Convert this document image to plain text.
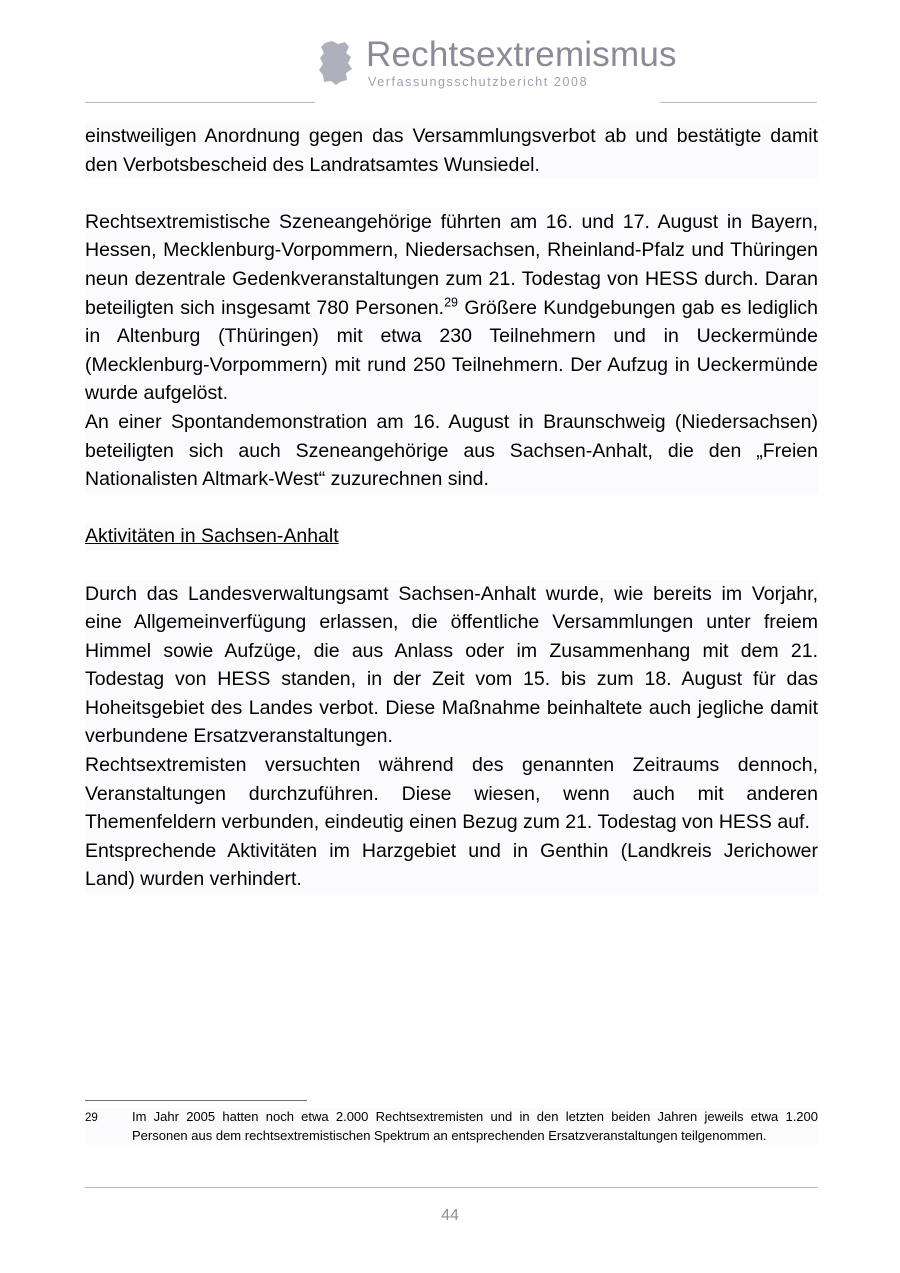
Rechtsextremismus
Verfassungsschutzbericht 2008

einstweiligen Anordnung gegen das Versammlungsverbot ab und bestätigte damit den Verbotsbescheid des Landratsamtes Wunsiedel.

Rechtsextremistische Szeneangehörige führten am 16. und 17. August in Bayern, Hessen, Mecklenburg-Vorpommern, Niedersachsen, Rheinland-Pfalz und Thüringen neun dezentrale Gedenkveranstaltungen zum 21. Todestag von HESS durch. Daran beteiligten sich insgesamt 780 Personen.$^{29}$ Größere Kundgebungen gab es lediglich in Altenburg (Thüringen) mit etwa 230 Teilnehmern und in Ueckermünde (Mecklenburg-Vorpommern) mit rund 250 Teilnehmern. Der Aufzug in Ueckermünde wurde aufgelöst.

An einer Spontandemonstration am 16. August in Braunschweig (Niedersachsen) beteiligten sich auch Szeneangehörige aus Sachsen-Anhalt, die den „Freien Nationalisten Altmark-West“ zuzurechnen sind.

Aktivitäten in Sachsen-Anhalt

Durch das Landesverwaltungsamt Sachsen-Anhalt wurde, wie bereits im Vorjahr, eine Allgemeinverfügung erlassen, die öffentliche Versammlungen unter freiem Himmel sowie Aufzüge, die aus Anlass oder im Zusammenhang mit dem 21. Todestag von HESS standen, in der Zeit vom 15. bis zum 18. August für das Hoheitsgebiet des Landes verbot. Diese Maßnahme beinhaltete auch jegliche damit verbundene Ersatzveranstaltungen.

Rechtsextremisten versuchten während des genannten Zeitraums dennoch, Veranstaltungen durchzuführen. Diese wiesen, wenn auch mit anderen Themenfeldern verbunden, eindeutig einen Bezug zum 21. Todestag von HESS auf.

Entsprechende Aktivitäten im Harzgebiet und in Genthin (Landkreis Jerichower Land) wurden verhindert.

29	Im Jahr 2005 hatten noch etwa 2.000 Rechtsextremisten und in den letzten beiden Jahren jeweils etwa 1.200 Personen aus dem rechtsextremistischen Spektrum an entsprechenden Ersatzveranstaltungen teilgenommen.
44
